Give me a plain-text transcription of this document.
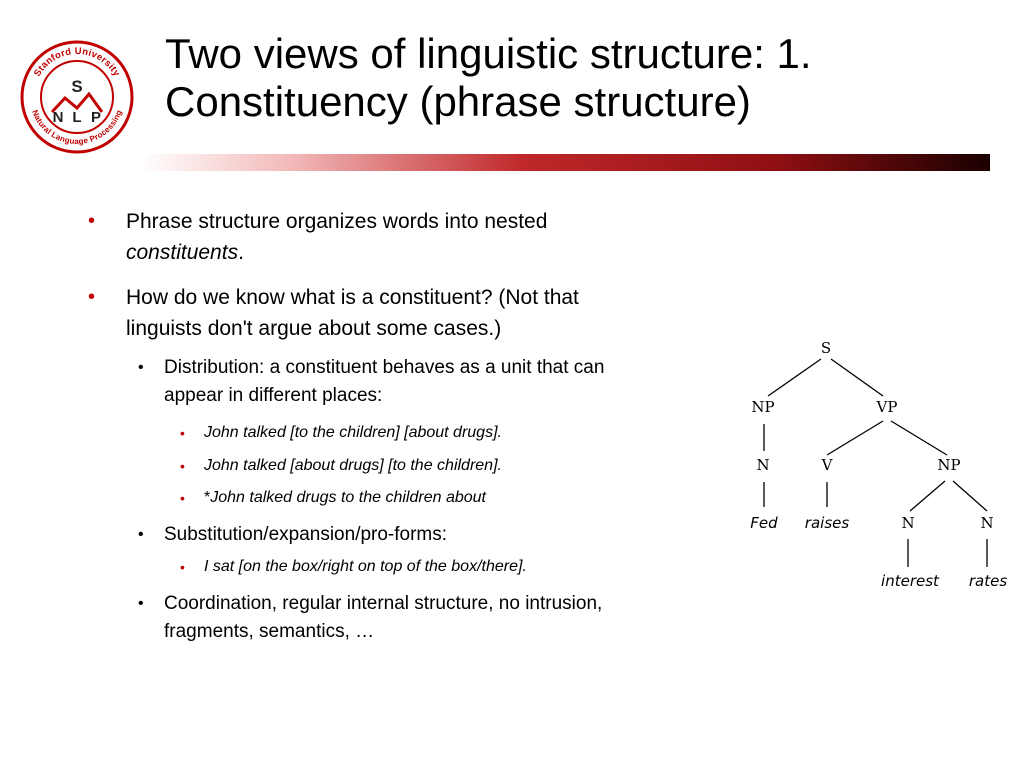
Stanford University
Natural Language Processing
S
N L P
Two views of linguistic structure: 1.
Constituency (phrase structure)
• Phrase structure organizes words into nested
constituents.
• How do we know what is a constituent? (Not that
linguists don't argue about some cases.)
• Distribution: a constituent behaves as a unit that can
appear in different places:
• John talked [to the children] [about drugs].
• John talked [about drugs] [to the children].
• *John talked drugs to the children about
• Substitution/expansion/pro-forms:
• I sat [on the box/right on top of the box/there].
• Coordination, regular internal structure, no intrusion,
fragments, semantics, …
S
NP	VP
N	V	NP
N	N
Fed raises
interest rates
